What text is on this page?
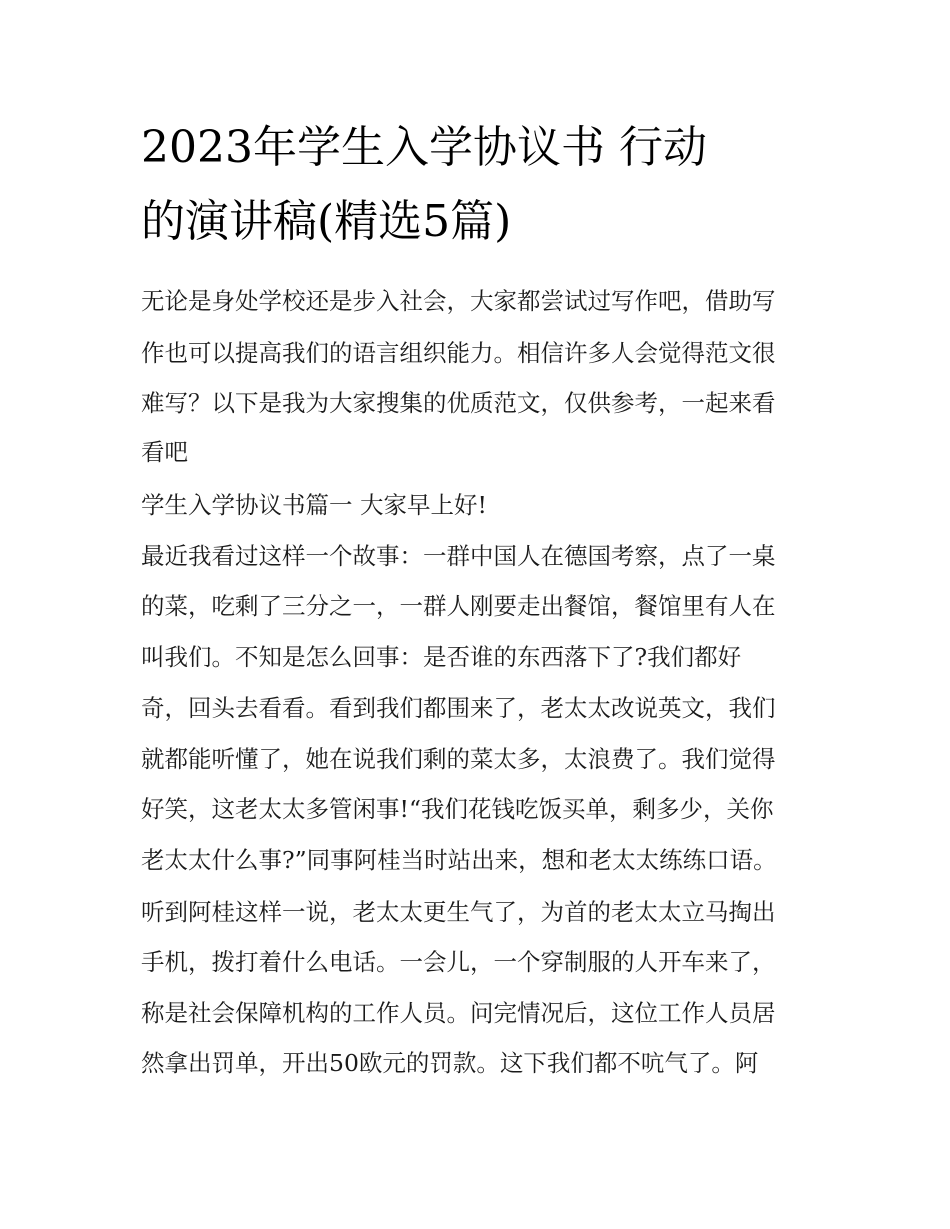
2023年学生入学协议书 行动
的演讲稿(精选5篇)
无论是身处学校还是步入社会，大家都尝试过写作吧，借助写
作也可以提高我们的语言组织能力。相信许多人会觉得范文很
难写？以下是我为大家搜集的优质范文，仅供参考，一起来看
看吧
学生入学协议书篇一 大家早上好!
最近我看过这样一个故事：一群中国人在德国考察，点了一桌
的菜，吃剩了三分之一，一群人刚要走出餐馆，餐馆里有人在
叫我们。不知是怎么回事：是否谁的东西落下了?我们都好
奇，回头去看看。看到我们都围来了，老太太改说英文，我们
就都能听懂了，她在说我们剩的菜太多，太浪费了。我们觉得
好笑，这老太太多管闲事!“我们花钱吃饭买单，剩多少，关你
老太太什么事?”同事阿桂当时站出来，想和老太太练练口语。
听到阿桂这样一说，老太太更生气了，为首的老太太立马掏出
手机，拨打着什么电话。一会儿，一个穿制服的人开车来了，
称是社会保障机构的工作人员。问完情况后，这位工作人员居
然拿出罚单，开出50欧元的罚款。这下我们都不吭气了。阿
